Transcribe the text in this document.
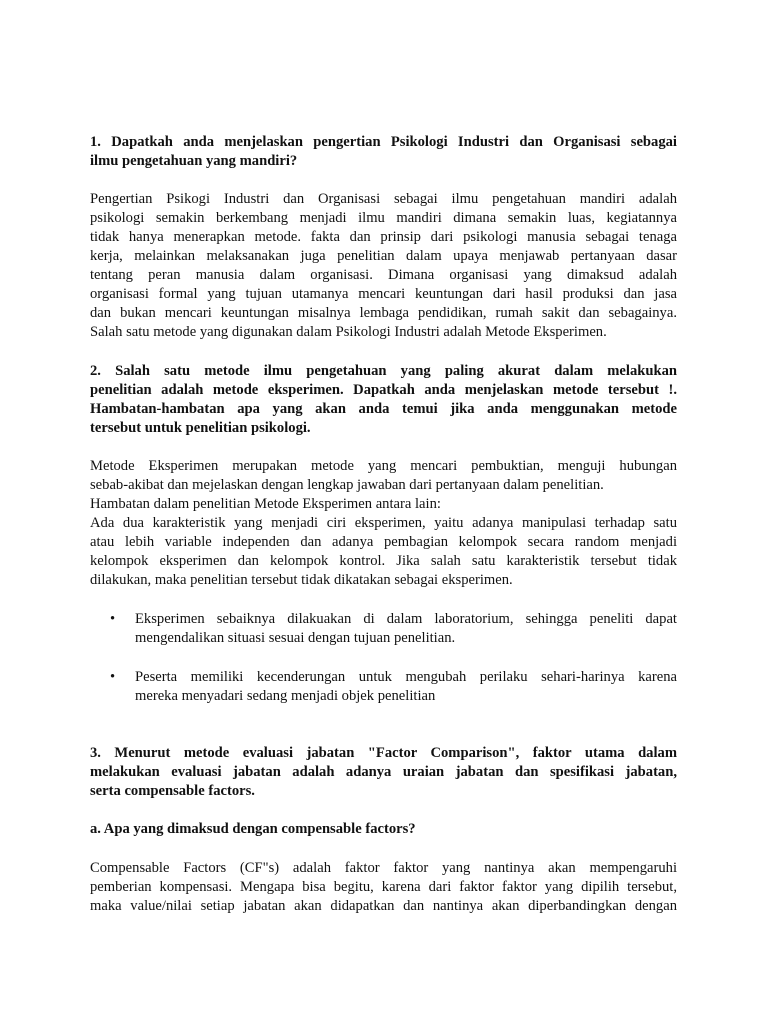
1. Dapatkah anda menjelaskan pengertian Psikologi Industri dan Organisasi sebagai
ilmu pengetahuan yang mandiri?
Pengertian Psikogi Industri dan Organisasi sebagai ilmu pengetahuan mandiri adalah
psikologi semakin berkembang menjadi ilmu mandiri dimana semakin luas, kegiatannya
tidak hanya menerapkan metode. fakta dan prinsip dari psikologi manusia sebagai tenaga
kerja, melainkan melaksanakan juga penelitian dalam upaya menjawab pertanyaan dasar
tentang peran manusia dalam organisasi. Dimana organisasi yang dimaksud adalah
organisasi formal yang tujuan utamanya mencari keuntungan dari hasil produksi dan jasa
dan bukan mencari keuntungan misalnya lembaga pendidikan, rumah sakit dan sebagainya.
Salah satu metode yang digunakan dalam Psikologi Industri adalah Metode Eksperimen.
2. Salah satu metode ilmu pengetahuan yang paling akurat dalam melakukan
penelitian adalah metode eksperimen. Dapatkah anda menjelaskan metode tersebut !.
Hambatan-hambatan apa yang akan anda temui jika anda menggunakan metode
tersebut untuk penelitian psikologi.
Metode Eksperimen merupakan metode yang mencari pembuktian, menguji hubungan
sebab-akibat dan mejelaskan dengan lengkap jawaban dari pertanyaan dalam penelitian.
Hambatan dalam penelitian Metode Eksperimen antara lain:
Ada dua karakteristik yang menjadi ciri eksperimen, yaitu adanya manipulasi terhadap satu
atau lebih variable independen dan adanya pembagian kelompok secara random menjadi
kelompok eksperimen dan kelompok kontrol. Jika salah satu karakteristik tersebut tidak
dilakukan, maka penelitian tersebut tidak dikatakan sebagai eksperimen.
• Eksperimen sebaiknya dilakuakan di dalam laboratorium, sehingga peneliti dapat
mengendalikan situasi sesuai dengan tujuan penelitian.
• Peserta memiliki kecenderungan untuk mengubah perilaku sehari-harinya karena
mereka menyadari sedang menjadi objek penelitian
3. Menurut metode evaluasi jabatan "Factor Comparison", faktor utama dalam
melakukan evaluasi jabatan adalah adanya uraian jabatan dan spesifikasi jabatan,
serta compensable factors.
a. Apa yang dimaksud dengan compensable factors?
Compensable Factors (CF"s) adalah faktor faktor yang nantinya akan mempengaruhi
pemberian kompensasi. Mengapa bisa begitu, karena dari faktor faktor yang dipilih tersebut,
maka value/nilai setiap jabatan akan didapatkan dan nantinya akan diperbandingkan dengan
